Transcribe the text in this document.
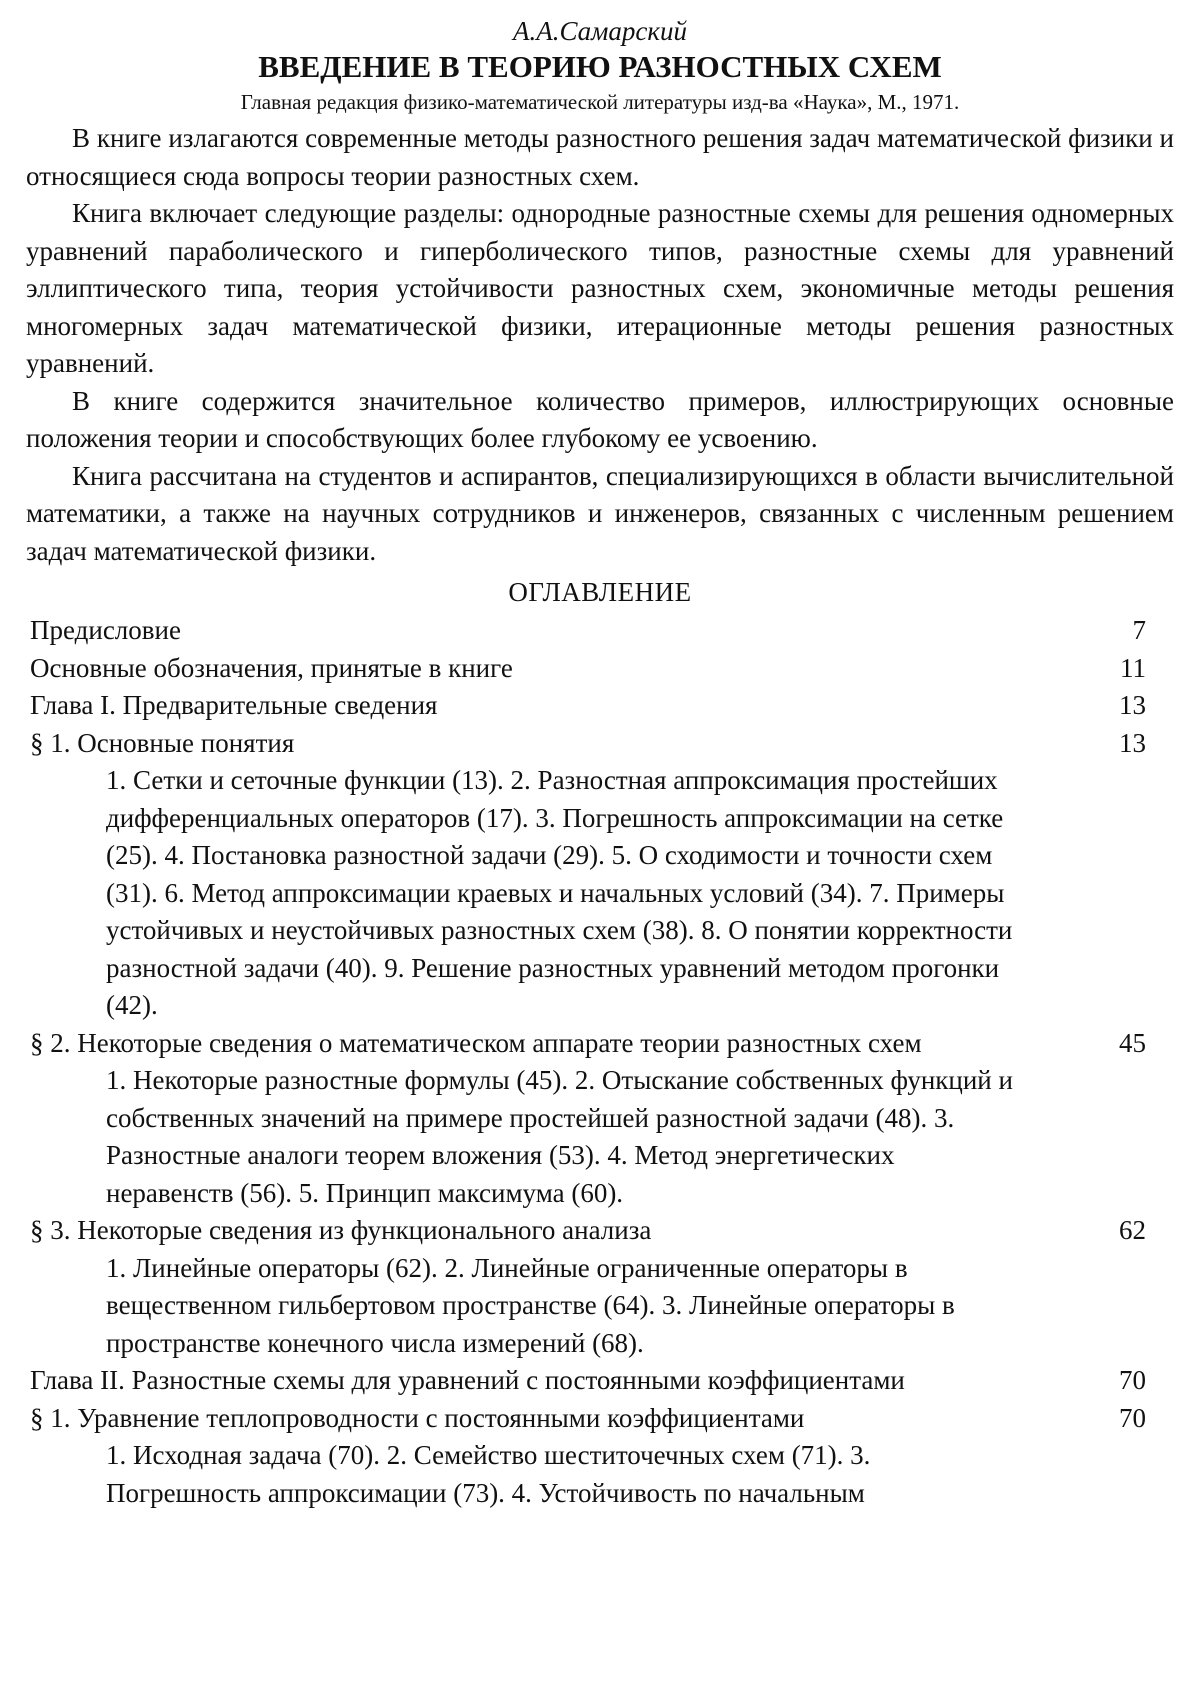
А.А.Самарский

ВВЕДЕНИЕ В ТЕОРИЮ РАЗНОСТНЫХ СХЕМ

Главная редакция физико-математической литературы изд-ва «Наука», М., 1971.

В книге излагаются современные методы разностного решения задач математической физики и относящиеся сюда вопросы теории разностных схем.

Книга включает следующие разделы: однородные разностные схемы для решения одномерных уравнений параболического и гиперболического типов, разностные схемы для уравнений эллиптического типа, теория устойчивости разностных схем, экономичные методы решения многомерных задач математической физики, итерационные методы решения разностных уравнений.

В книге содержится значительное количество примеров, иллюстрирующих основные положения теории и способствующих более глубокому ее усвоению.

Книга рассчитана на студентов и аспирантов, специализирующихся в области вычислительной математики, а также на научных сотрудников и инженеров, связанных с численным решением задач математической физики.

ОГЛАВЛЕНИЕ

Предисловие	7
Основные обозначения, принятые в книге	11
Глава I. Предварительные сведения	13
§ 1. Основные понятия	13
1. Сетки и сеточные функции (13). 2. Разностная аппроксимация простейших дифференциальных операторов (17). 3. Погрешность аппроксимации на сетке (25). 4. Постановка разностной задачи (29). 5. О сходимости и точности схем (31). 6. Метод аппроксимации краевых и начальных условий (34). 7. Примеры устойчивых и неустойчивых разностных схем (38). 8. О понятии корректности разностной задачи (40). 9. Решение разностных уравнений методом прогонки (42).
§ 2. Некоторые сведения о математическом аппарате теории разностных схем	45
1. Некоторые разностные формулы (45). 2. Отыскание собственных функций и собственных значений на примере простейшей разностной задачи (48). 3. Разностные аналоги теорем вложения (53). 4. Метод энергетических неравенств (56). 5. Принцип максимума (60).
§ 3. Некоторые сведения из функционального анализа	62
1. Линейные операторы (62). 2. Линейные ограниченные операторы в вещественном гильбертовом пространстве (64). 3. Линейные операторы в пространстве конечного числа измерений (68).
Глава II. Разностные схемы для уравнений с постоянными коэффициентами	70
§ 1. Уравнение теплопроводности с постоянными коэффициентами	70
1. Исходная задача (70). 2. Семейство шеститочечных схем (71). 3. Погрешность аппроксимации (73). 4. Устойчивость по начальным
